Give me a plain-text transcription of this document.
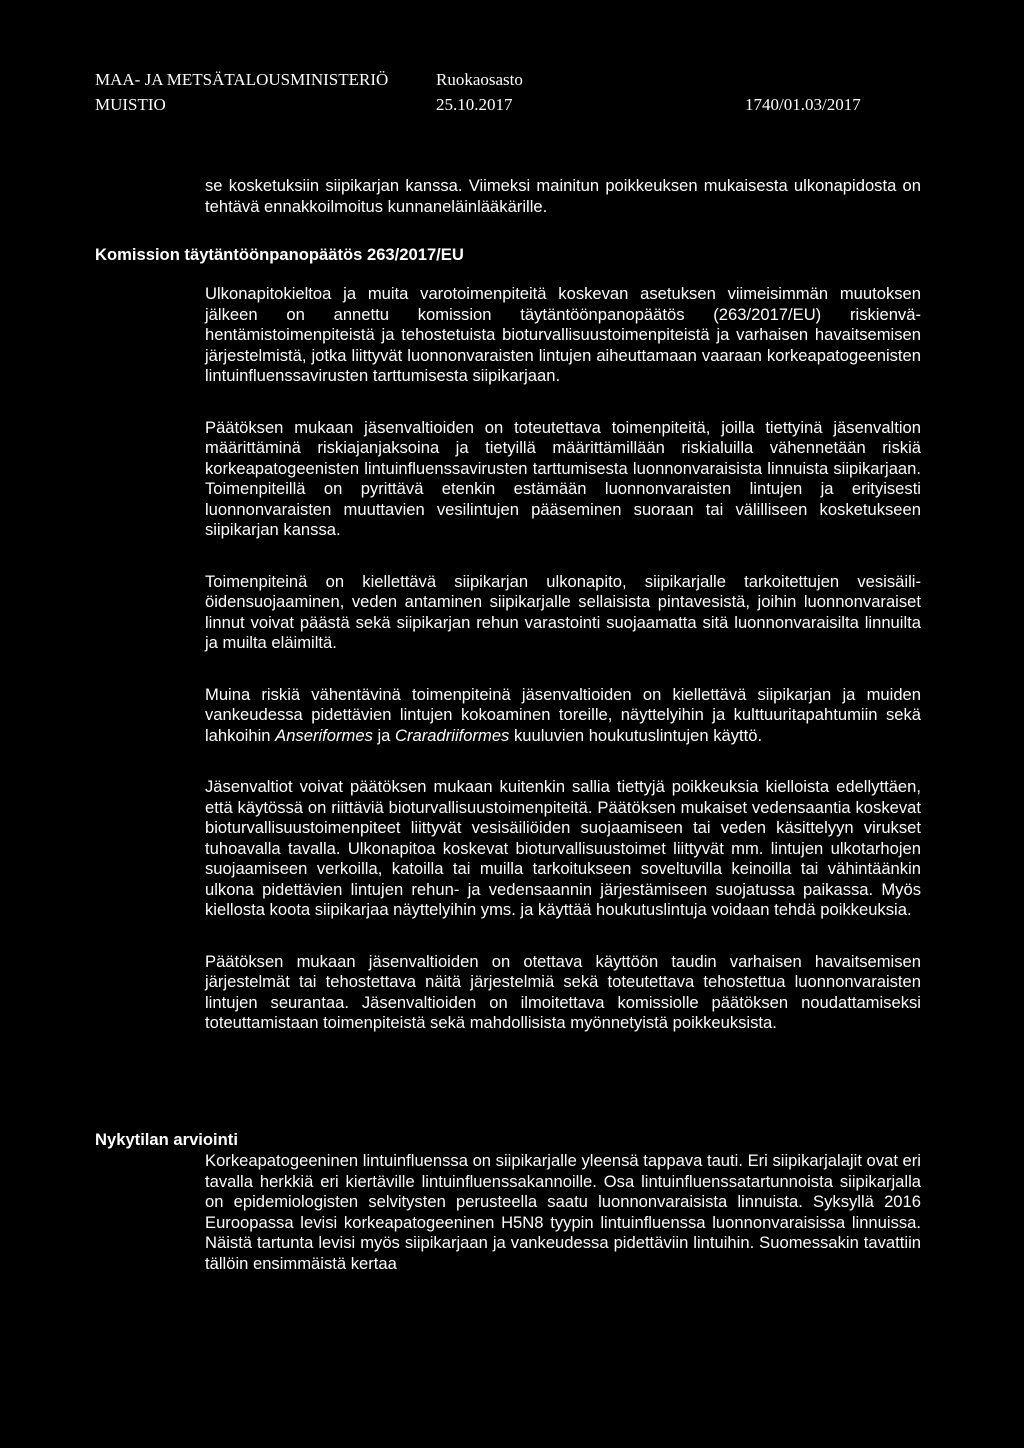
MAA- JA METSÄTALOUSMINISTERIÖ	Ruokaosasto
MUISTIO	25.10.2017	1740/01.03/2017

se kosketuksiin siipikarjan kanssa. Viimeksi mainitun poikkeuksen mukaisesta ulkonapidosta on tehtävä ennakkoilmoitus kunnaneläinlääkärille.

Komission täytäntöönpanopäätös 263/2017/EU

Ulkonapitokieltoa ja muita varotoimenpiteitä koskevan asetuksen viimeisimmän muutoksen jälkeen on annettu komission täytäntöönpanopäätös (263/2017/EU) riskienvähentämistoimenpiteistä ja tehostetuista bioturvallisuustoimenpiteistä ja varhaisen havaitsemisen järjestelmistä, jotka liittyvät luonnonvaraisten lintujen aiheuttamaan vaaraan korkeapatogeenisten lintuinfluenssavirusten tarttumisesta siipikarjaan.

Päätöksen mukaan jäsenvaltioiden on toteutettava toimenpiteitä, joilla tiettyinä jäsenvaltion määrittäminä riskiajanjaksoina ja tietyillä määrittämillään riskialuilla vähennetään riskiä korkeapatogeenisten lintuinfluenssavirusten tarttumisesta luonnonvaraisista linnuista siipikarjaan. Toimenpiteillä on pyrittävä etenkin estämään luonnonvaraisten lintujen ja erityisesti luonnonvaraisten muuttavien vesilintujen pääseminen suoraan tai välilliseen kosketukseen siipikarjan kanssa.

Toimenpiteinä on kiellettävä siipikarjan ulkonapito, siipikarjalle tarkoitettujen vesisäiliöidensuojaaminen, veden antaminen siipikarjalle sellaisista pintavesistä, joihin luonnonvaraiset linnut voivat päästä sekä siipikarjan rehun varastointi suojaamatta sitä luonnonvaraisilta linnuilta ja muilta eläimiltä.

Muina riskiä vähentävinä toimenpiteinä jäsenvaltioiden on kiellettävä siipikarjan ja muiden vankeudessa pidettävien lintujen kokoaminen toreille, näyttelyihin ja kulttuuritapahtumiin sekä lahkoihin Anseriformes ja Craradriiformes kuuluvien houkutuslintujen käyttö.

Jäsenvaltiot voivat päätöksen mukaan kuitenkin sallia tiettyjä poikkeuksia kielloista edellyttäen, että käytössä on riittäviä bioturvallisuustoimenpiteitä. Päätöksen mukaiset vedensaantia koskevat bioturvallisuustoimenpiteet liittyvät vesisäiliöiden suojaamiseen tai veden käsittelyyn virukset tuhoavalla tavalla. Ulkonapitoa koskevat bioturvallisuustoimet liittyvät mm. lintujen ulkotarhojen suojaamiseen verkoilla, katoilla tai muilla tarkoitukseen soveltuvilla keinoilla tai vähintäänkin ulkona pidettävien lintujen rehun- ja vedensaannin järjestämiseen suojatussa paikassa. Myös kiellosta koota siipikarjaa näyttelyihin yms. ja käyttää houkutuslintuja voidaan tehdä poikkeuksia.

Päätöksen mukaan jäsenvaltioiden on otettava käyttöön taudin varhaisen havaitsemisen järjestelmät tai tehostettava näitä järjestelmiä sekä toteutettava tehostettua luonnonvaraisten lintujen seurantaa. Jäsenvaltioiden on ilmoitettava komissiolle päätöksen noudattamiseksi toteuttamistaan toimenpiteistä sekä mahdollisista myönnetyistä poikkeuksista.

Nykytilan arviointi

Korkeapatogeeninen lintuinfluenssa on siipikarjalle yleensä tappava tauti. Eri siipikarjalajit ovat eri tavalla herkkiä eri kiertäville lintuinfluenssakannoille. Osa lintuinfluenssatartunnoista siipikarjalla on epidemiologisten selvitysten perusteella saatu luonnonvaraisista linnuista. Syksyllä 2016 Euroopassa levisi korkeapatogeeninen H5N8 tyypin lintuinfluenssa luonnonvaraisissa linnuissa. Näistä tartunta levisi myös siipikarjaan ja vankeudessa pidettäviin lintuihin. Suomessakin tavattiin tällöin ensimmäistä kertaa
